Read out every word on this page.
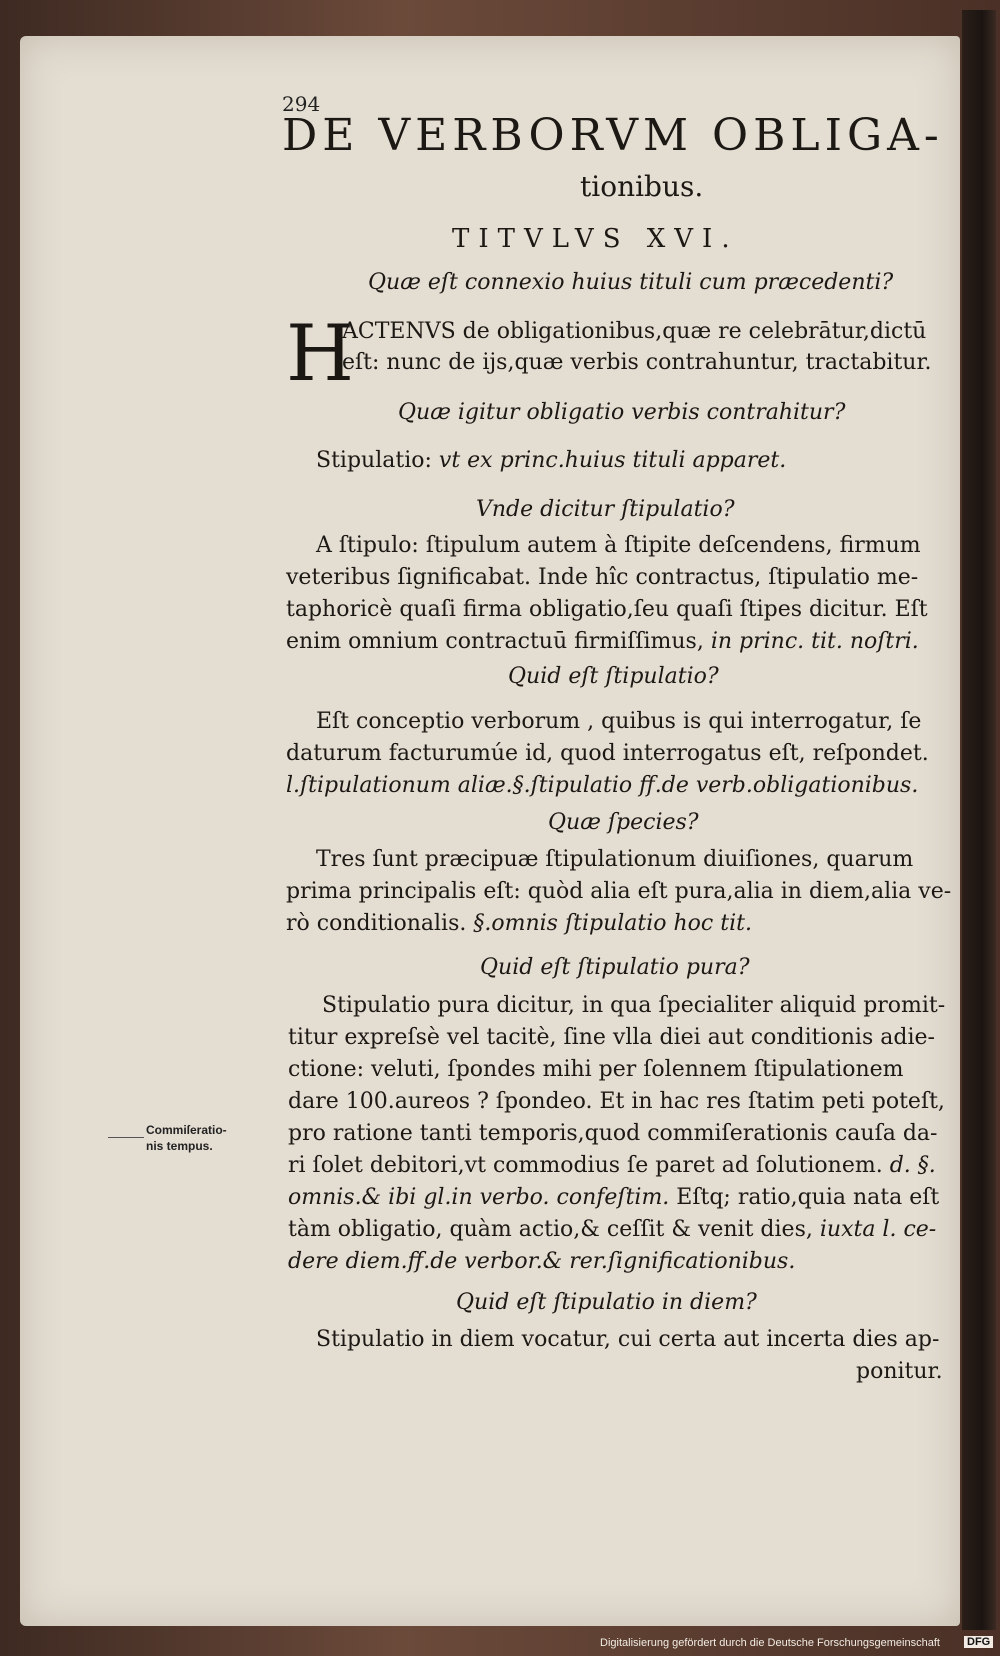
294
DE VERBORVM OBLIGA-
tionibus.
TITVLVS XVI.
Quæ eſt connexio huius tituli cum præcedenti?
H
ACTENVS de obligationibus,quæ re celebrātur,dictū
eſt: nunc de ijs,quæ verbis contrahuntur, tractabitur.
Quæ igitur obligatio verbis contrahitur?
Stipulatio: vt ex princ.huius tituli apparet.
Vnde dicitur ſtipulatio?
A ſtipulo: ſtipulum autem à ſtipite deſcendens, firmum
veteribus ſignificabat. Inde hîc contractus, ſtipulatio me-
taphoricè quaſi firma obligatio,ſeu quaſi ſtipes dicitur. Eſt
enim omnium contractuū firmiſſimus, in princ. tit. noſtri.
Quid eſt ſtipulatio?
Eſt conceptio verborum , quibus is qui interrogatur, ſe
daturum facturumúe id, quod interrogatus eſt, reſpondet.
l.ſtipulationum aliæ.§.ſtipulatio ff.de verb.obligationibus.
Quæ ſpecies?
Tres ſunt præcipuæ ſtipulationum diuiſiones, quarum
prima principalis eſt: quòd alia eſt pura,alia in diem,alia ve-
rò conditionalis. §.omnis ſtipulatio hoc tit.
Quid eſt ſtipulatio pura?
Stipulatio pura dicitur, in qua ſpecialiter aliquid promit-
titur expreſsè vel tacitè, ſine vlla diei aut conditionis adie-
ctione: veluti, ſpondes mihi per ſolennem ſtipulationem
dare 100.aureos ? ſpondeo. Et in hac res ſtatim peti poteſt,
pro ratione tanti temporis,quod commiſerationis cauſa da-
ri ſolet debitori,vt commodius ſe paret ad ſolutionem. d. §.
omnis.& ibi gl.in verbo. confeſtim. Eſtq; ratio,quia nata eſt
tàm obligatio, quàm actio,& ceſſit & venit dies, iuxta l. ce-
dere diem.ff.de verbor.& rer.ſignificationibus.
Quid eſt ſtipulatio in diem?
Stipulatio in diem vocatur, cui certa aut incerta dies ap-
ponitur.
Commiſeratio-
nis tempus.
Digitalisierung gefördert durch die Deutsche Forschungsgemeinschaft DFG
